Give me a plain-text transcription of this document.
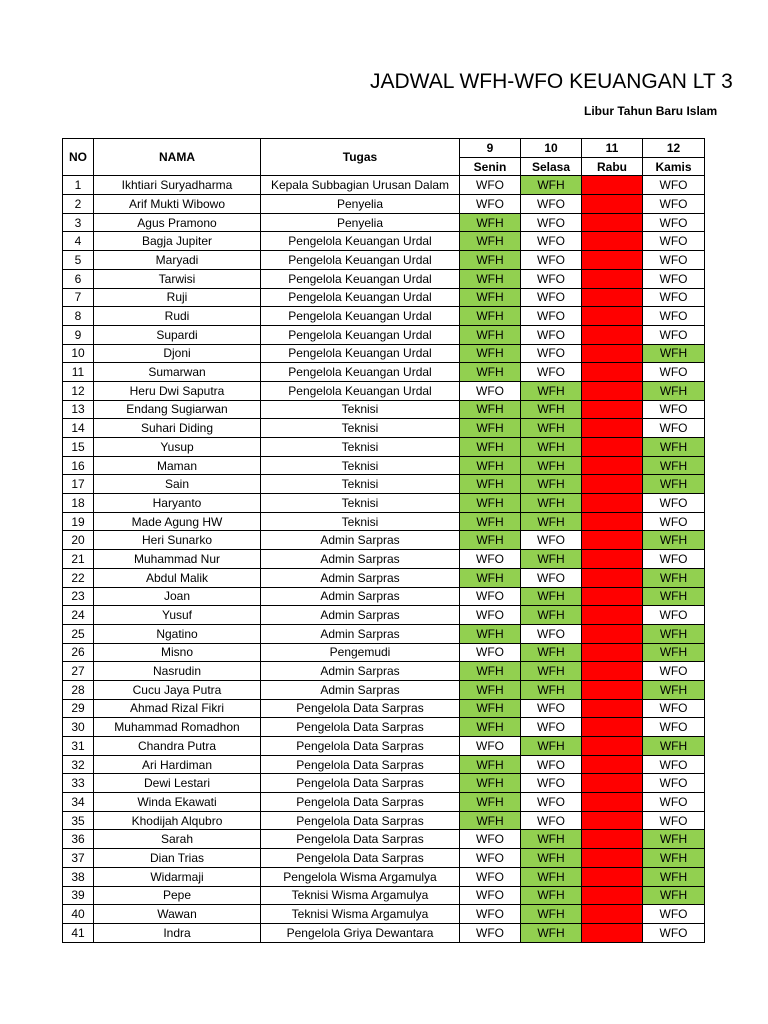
JADWAL WFH-WFO KEUANGAN LT 3
Libur Tahun Baru Islam
NO	NAMA	Tugas	9	10	11	12
			Senin	Selasa	Rabu	Kamis
1	Ikhtiari Suryadharma	Kepala Subbagian Urusan Dalam	WFO	WFH		WFO
2	Arif Mukti Wibowo	Penyelia	WFO	WFO		WFO
3	Agus Pramono	Penyelia	WFH	WFO		WFO
4	Bagja Jupiter	Pengelola Keuangan Urdal	WFH	WFO		WFO
5	Maryadi	Pengelola Keuangan Urdal	WFH	WFO		WFO
6	Tarwisi	Pengelola Keuangan Urdal	WFH	WFO		WFO
7	Ruji	Pengelola Keuangan Urdal	WFH	WFO		WFO
8	Rudi	Pengelola Keuangan Urdal	WFH	WFO		WFO
9	Supardi	Pengelola Keuangan Urdal	WFH	WFO		WFO
10	Djoni	Pengelola Keuangan Urdal	WFH	WFO		WFH
11	Sumarwan	Pengelola Keuangan Urdal	WFH	WFO		WFO
12	Heru Dwi Saputra	Pengelola Keuangan Urdal	WFO	WFH		WFH
13	Endang Sugiarwan	Teknisi	WFH	WFH		WFO
14	Suhari Diding	Teknisi	WFH	WFH		WFO
15	Yusup	Teknisi	WFH	WFH		WFH
16	Maman	Teknisi	WFH	WFH		WFH
17	Sain	Teknisi	WFH	WFH		WFH
18	Haryanto	Teknisi	WFH	WFH		WFO
19	Made Agung HW	Teknisi	WFH	WFH		WFO
20	Heri Sunarko	Admin Sarpras	WFH	WFO		WFH
21	Muhammad Nur	Admin Sarpras	WFO	WFH		WFO
22	Abdul Malik	Admin Sarpras	WFH	WFO		WFH
23	Joan	Admin Sarpras	WFO	WFH		WFH
24	Yusuf	Admin Sarpras	WFO	WFH		WFO
25	Ngatino	Admin Sarpras	WFH	WFO		WFH
26	Misno	Pengemudi	WFO	WFH		WFH
27	Nasrudin	Admin Sarpras	WFH	WFH		WFO
28	Cucu Jaya Putra	Admin Sarpras	WFH	WFH		WFH
29	Ahmad Rizal Fikri	Pengelola Data Sarpras	WFH	WFO		WFO
30	Muhammad Romadhon	Pengelola Data Sarpras	WFH	WFO		WFO
31	Chandra Putra	Pengelola Data Sarpras	WFO	WFH		WFH
32	Ari Hardiman	Pengelola Data Sarpras	WFH	WFO		WFO
33	Dewi Lestari	Pengelola Data Sarpras	WFH	WFO		WFO
34	Winda Ekawati	Pengelola Data Sarpras	WFH	WFO		WFO
35	Khodijah Alqubro	Pengelola Data Sarpras	WFH	WFO		WFO
36	Sarah	Pengelola Data Sarpras	WFO	WFH		WFH
37	Dian Trias	Pengelola Data Sarpras	WFO	WFH		WFH
38	Widarmaji	Pengelola Wisma Argamulya	WFO	WFH		WFH
39	Pepe	Teknisi Wisma Argamulya	WFO	WFH		WFH
40	Wawan	Teknisi Wisma Argamulya	WFO	WFH		WFO
41	Indra	Pengelola Griya Dewantara	WFO	WFH		WFO
